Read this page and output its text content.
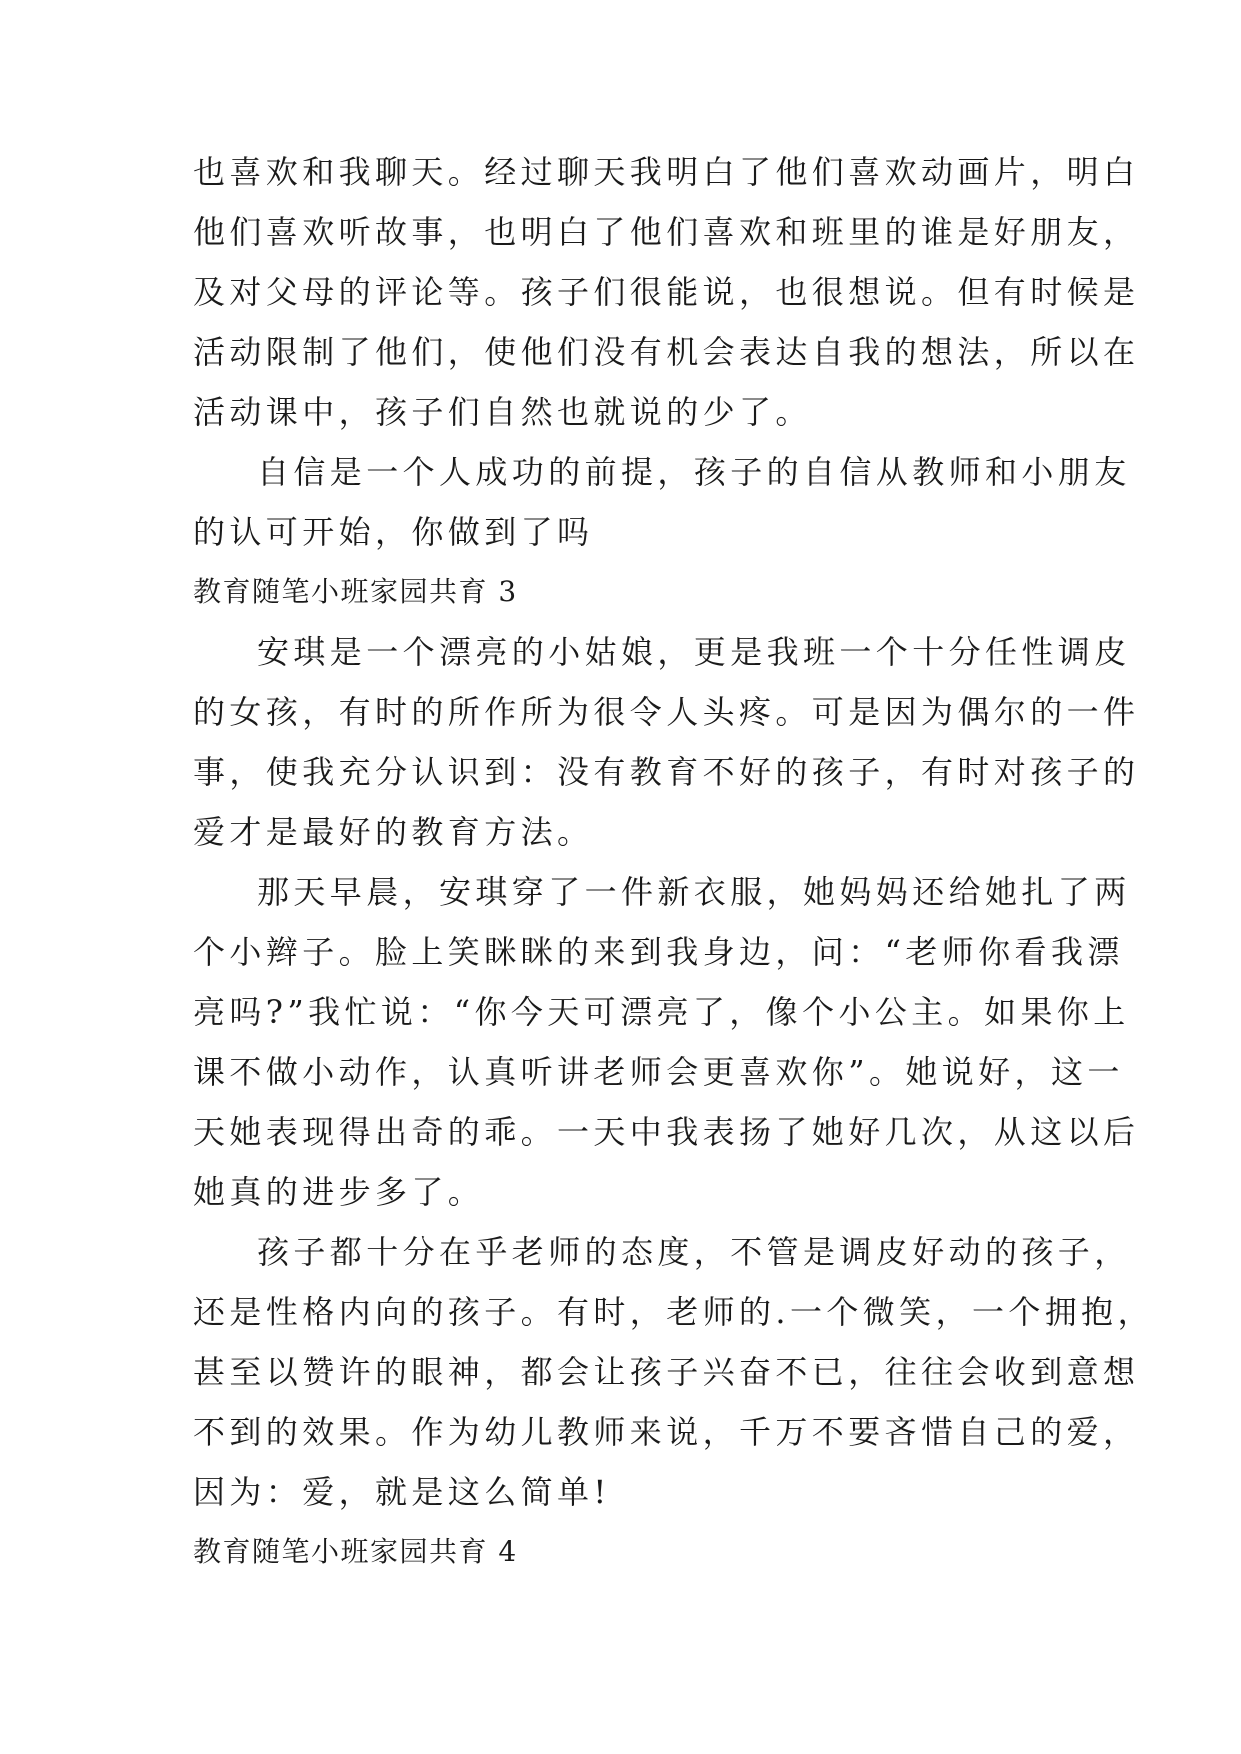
也喜欢和我聊天。经过聊天我明白了他们喜欢动画片，明白
他们喜欢听故事，也明白了他们喜欢和班里的谁是好朋友，
及对父母的评论等。孩子们很能说，也很想说。但有时候是
活动限制了他们，使他们没有机会表达自我的想法，所以在
活动课中，孩子们自然也就说的少了。
自信是一个人成功的前提，孩子的自信从教师和小朋友
的认可开始，你做到了吗
教育随笔小班家园共育 3
安琪是一个漂亮的小姑娘，更是我班一个十分任性调皮
的女孩，有时的所作所为很令人头疼。可是因为偶尔的一件
事，使我充分认识到：没有教育不好的孩子，有时对孩子的
爱才是最好的教育方法。
那天早晨，安琪穿了一件新衣服，她妈妈还给她扎了两
个小辫子。脸上笑眯眯的来到我身边，问：“老师你看我漂
亮吗?”我忙说：“你今天可漂亮了，像个小公主。如果你上
课不做小动作，认真听讲老师会更喜欢你”。她说好，这一
天她表现得出奇的乖。一天中我表扬了她好几次，从这以后
她真的进步多了。
孩子都十分在乎老师的态度，不管是调皮好动的孩子，
还是性格内向的孩子。有时，老师的.一个微笑，一个拥抱，
甚至以赞许的眼神，都会让孩子兴奋不已，往往会收到意想
不到的效果。作为幼儿教师来说，千万不要吝惜自己的爱，
因为：爱，就是这么简单!
教育随笔小班家园共育 4
